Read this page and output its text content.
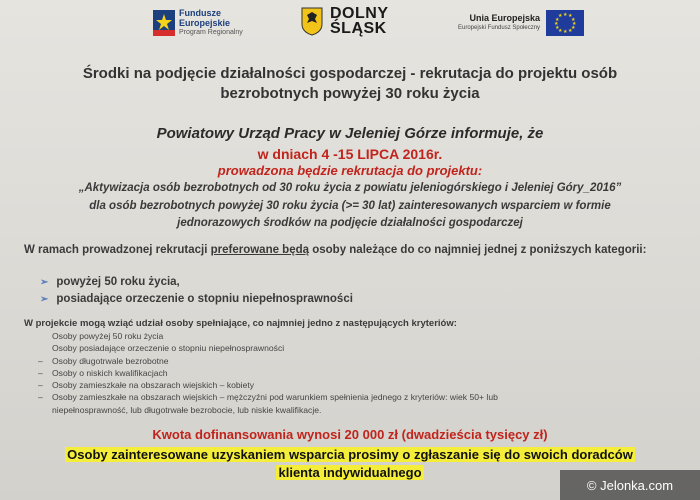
Fundusze
Europejskie
Program Regionalny
DOLNY
ŚLĄSK
Unia Europejska
Europejski Fundusz Społeczny
★ ★
★
★
★
★
★
★
★
★
★
★
Środki na podjęcie działalności gospodarczej - rekrutacja do projektu osób
bezrobotnych powyżej 30 roku życia
Powiatowy Urząd Pracy w Jeleniej Górze informuje, że
w dniach 4 -15 LIPCA 2016r.
prowadzona będzie rekrutacja do projektu:
„Aktywizacja osób bezrobotnych od 30 roku życia z powiatu jeleniogórskiego i Jeleniej Góry_2016”
dla osób bezrobotnych powyżej 30 roku życia (>= 30 lat) zainteresowanych wsparciem w formie
jednorazowych środków na podjęcie działalności gospodarczej
W ramach prowadzonej rekrutacji preferowane będą osoby należące do co najmniej jednej z poniższych kategorii:
➢ powyżej 50 roku życia,
➢ posiadające orzeczenie o stopniu niepełnosprawności
W projekcie mogą wziąć udział osoby spełniające, co najmniej jedno z następujących kryteriów:
Osoby powyżej 50 roku życia
Osoby posiadające orzeczenie o stopniu niepełnosprawności
– Osoby długotrwale bezrobotne
– Osoby o niskich kwalifikacjach
– Osoby zamieszkałe na obszarach wiejskich – kobiety
– Osoby zamieszkałe na obszarach wiejskich – mężczyźni pod warunkiem spełnienia jednego z kryteriów: wiek 50+ lub
niepełnosprawność, lub długotrwałe bezrobocie, lub niskie kwalifikacje.
Kwota dofinansowania wynosi 20 000 zł (dwadzieścia tysięcy zł)
Osoby zainteresowane uzyskaniem wsparcia prosimy o zgłaszanie się do swoich doradców
klienta indywidualnego
© Jelonka.com
